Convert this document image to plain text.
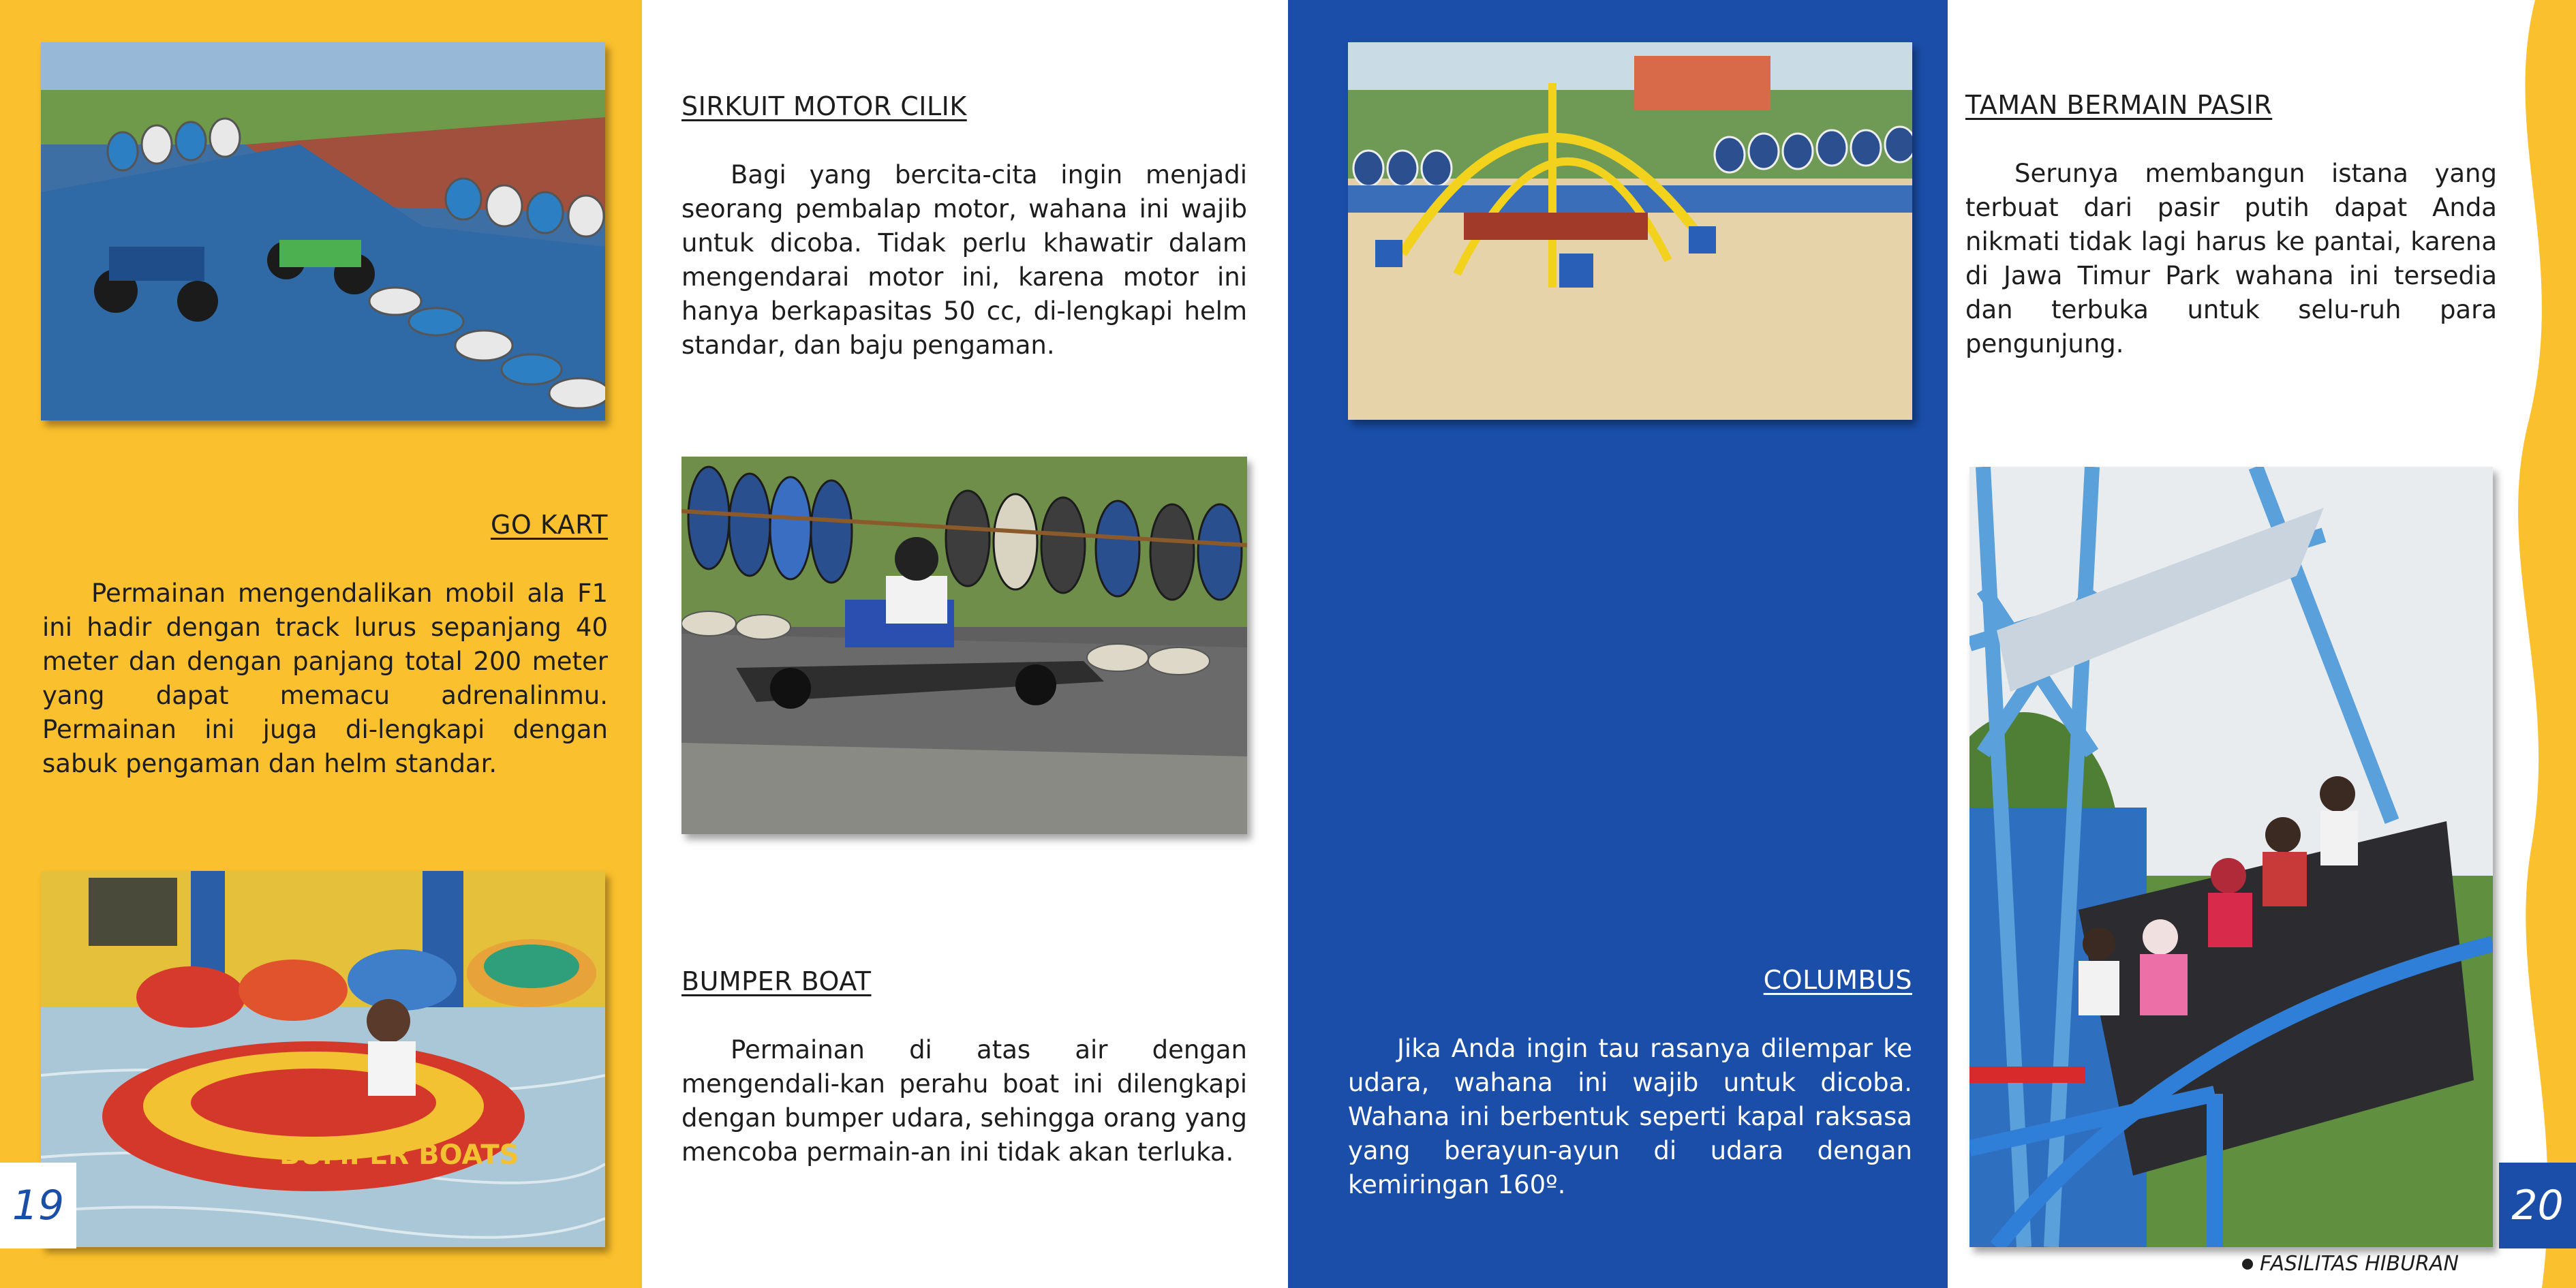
GO KART
Permainan mengendalikan mobil ala F1 ini hadir dengan track lurus sepanjang 40 meter dan dengan panjang total 200 meter yang dapat memacu adrenalinmu. Permainan ini juga di-lengkapi dengan sabuk pengaman dan helm standar.
BUMPER BOATS
SIRKUIT MOTOR CILIK
Bagi yang bercita-cita ingin menjadi seorang pembalap motor, wahana ini wajib untuk dicoba. Tidak perlu khawatir dalam mengendarai motor ini, karena motor ini hanya berkapasitas 50 cc, di-lengkapi helm standar, dan baju pengaman.
BUMPER BOAT
Permainan di atas air dengan mengendali-kan perahu boat ini dilengkapi dengan bumper udara, sehingga orang yang mencoba permain-an ini tidak akan terluka.
COLUMBUS
Jika Anda ingin tau rasanya dilempar ke udara, wahana ini wajib untuk dicoba. Wahana ini berbentuk seperti kapal raksasa yang berayun-ayun di udara dengan kemiringan 160º.
TAMAN BERMAIN PASIR
Serunya membangun istana yang terbuat dari pasir putih dapat Anda nikmati tidak lagi harus ke pantai, karena di Jawa Timur Park wahana ini tersedia dan terbuka untuk selu-ruh para pengunjung.
19	20
FASILITAS HIBURAN
